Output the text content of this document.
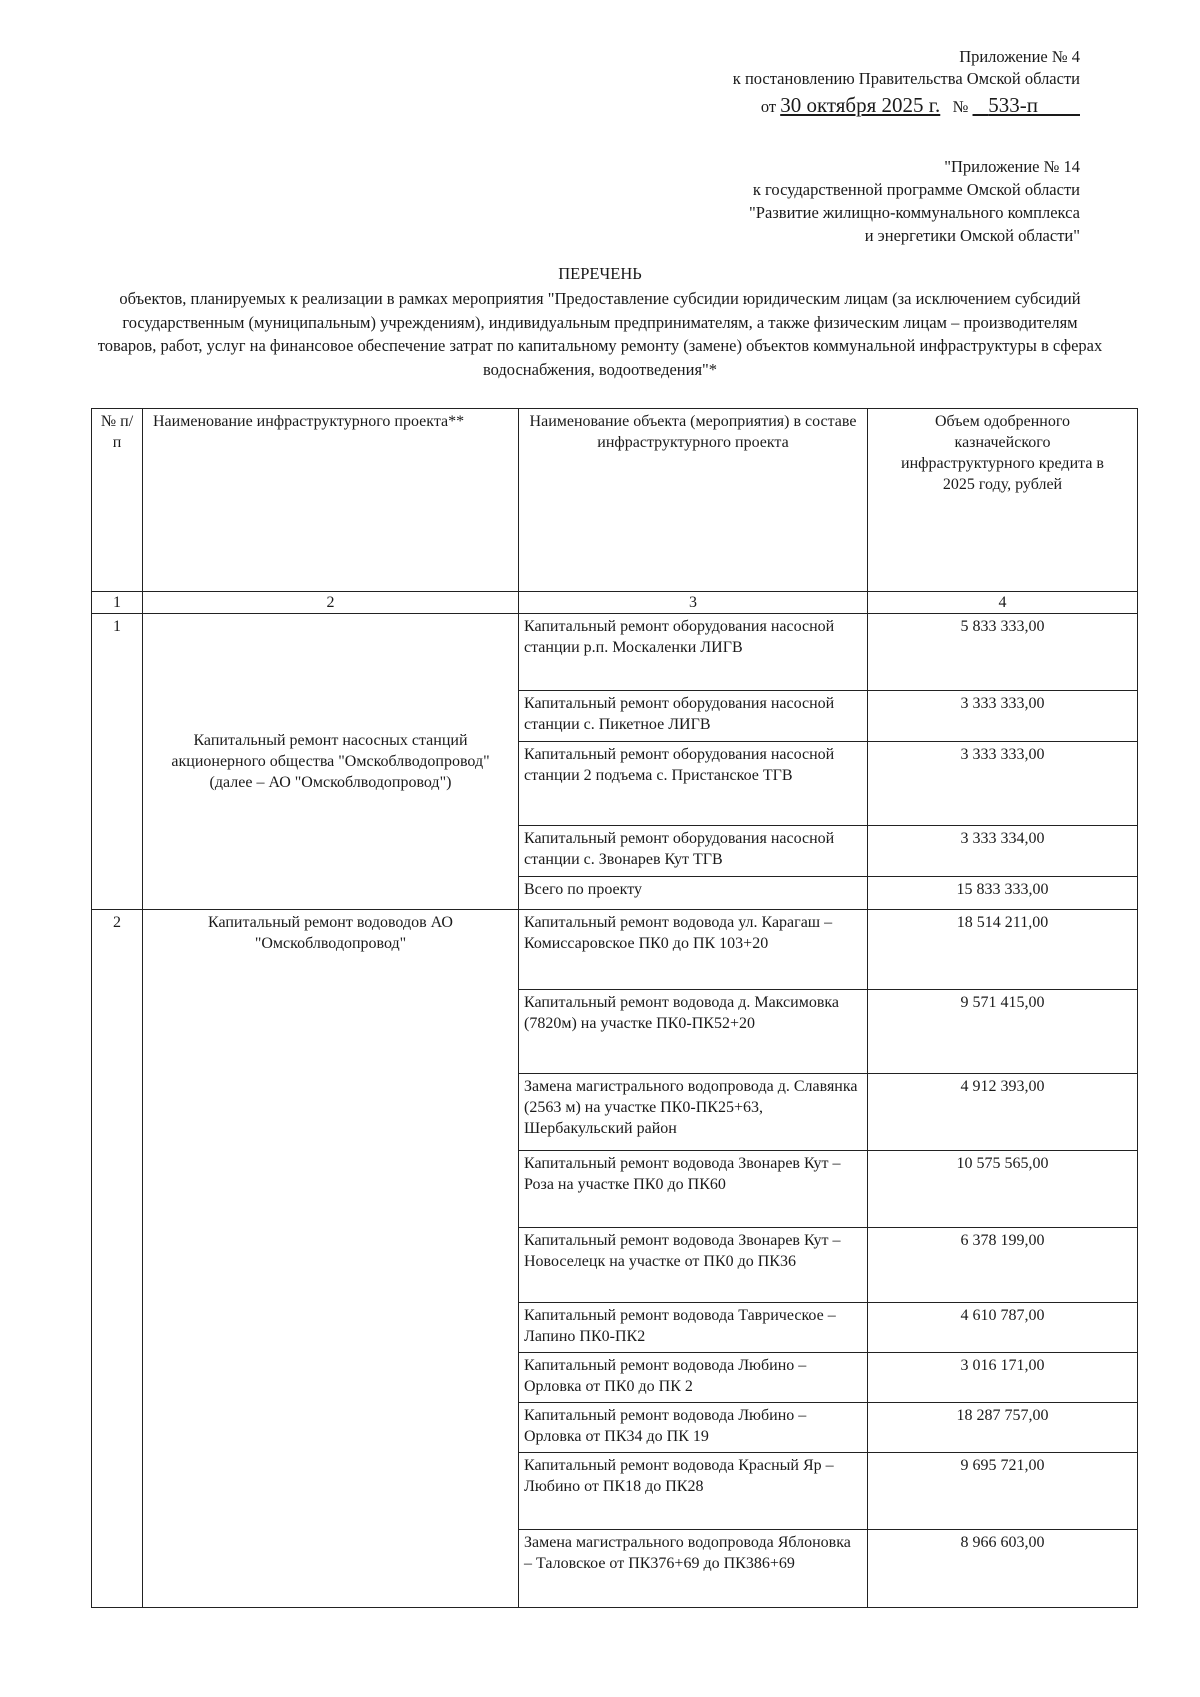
Приложение № 4
к постановлению Правительства Омской области
от 30 октября 2025 г. № 533-п
"Приложение № 14
к государственной программе Омской области
"Развитие жилищно-коммунального комплекса
и энергетики Омской области"
ПЕРЕЧЕНЬ
объектов, планируемых к реализации в рамках мероприятия "Предоставление субсидии юридическим лицам (за исключением субсидий государственным (муниципальным) учреждениям), индивидуальным предпринимателям, а также физическим лицам – производителям товаров, работ, услуг на финансовое обеспечение затрат по капитальному ремонту (замене) объектов коммунальной инфраструктуры в сферах водоснабжения, водоотведения"*
№ п/п	Наименование инфраструктурного проекта**	Наименование объекта (мероприятия) в составе инфраструктурного проекта	Объем одобренного казначейского инфраструктурного кредита в 2025 году, рублей
1	2	3	4
1	Капитальный ремонт насосных станций акционерного общества "Омскоблводопровод" (далее – АО "Омскоблводопровод")	Капитальный ремонт оборудования насосной станции р.п. Москаленки ЛИГВ	5 833 333,00
		Капитальный ремонт оборудования насосной станции с. Пикетное ЛИГВ	3 333 333,00
		Капитальный ремонт оборудования насосной станции 2 подъема с. Пристанское ТГВ	3 333 333,00
		Капитальный ремонт оборудования насосной станции с. Звонарев Кут ТГВ	3 333 334,00
		Всего по проекту	15 833 333,00
2	Капитальный ремонт водоводов АО "Омскоблводопровод"	Капитальный ремонт водовода ул. Карагаш – Комиссаровское ПК0 до ПК 103+20	18 514 211,00
		Капитальный ремонт водовода д. Максимовка (7820м) на участке ПК0-ПК52+20	9 571 415,00
		Замена магистрального водопровода д. Славянка (2563 м) на участке ПК0-ПК25+63, Шербакульский район	4 912 393,00
		Капитальный ремонт водовода Звонарев Кут – Роза на участке ПК0 до ПК60	10 575 565,00
		Капитальный ремонт водовода Звонарев Кут – Новоселецк на участке от ПК0 до ПК36	6 378 199,00
		Капитальный ремонт водовода Таврическое – Лапино ПК0-ПК2	4 610 787,00
		Капитальный ремонт водовода Любино – Орловка от ПК0 до ПК 2	3 016 171,00
		Капитальный ремонт водовода Любино – Орловка от ПК34 до ПК 19	18 287 757,00
		Капитальный ремонт водовода Красный Яр – Любино от ПК18 до ПК28	9 695 721,00
		Замена магистрального водопровода Яблоновка – Таловское от ПК376+69 до ПК386+69	8 966 603,00
